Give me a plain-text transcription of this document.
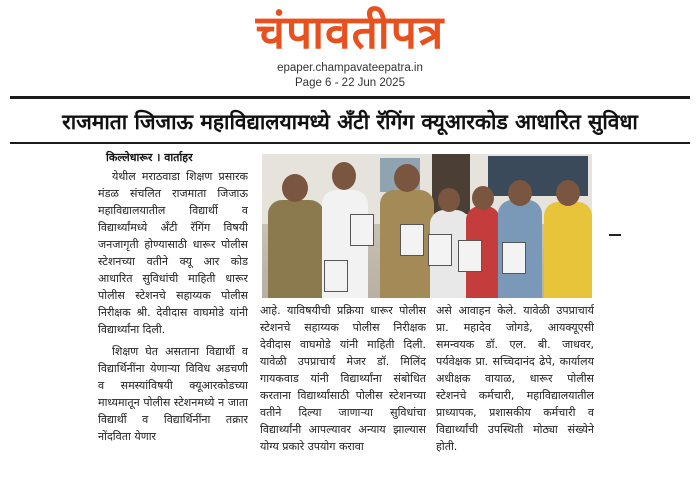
चंपावतीपत्र
epaper.champavateepatra.in
Page 6 - 22 Jun 2025
राजमाता जिजाऊ महाविद्यालयामध्ये अँटी रॅगिंग क्यूआरकोड आधारित सुविधा
किल्लेधारूर । वार्ताहर

येथील मराठवाडा शिक्षण प्रसारक मंडळ संचलित राजमाता जिजाऊ महाविद्यालयातील विद्यार्थी व विद्यार्थ्यांमध्ये अँटी रॅगिंग विषयी जनजागृती होण्यासाठी धारूर पोलीस स्टेशनच्या वतीने क्यू आर कोड आधारित सुविधांची माहिती धारूर पोलीस स्टेशनचे सहाय्यक पोलीस निरीक्षक श्री. देवीदास वाघमोडे यांनी विद्यार्थ्यांना दिली.

शिक्षण घेत असताना विद्यार्थी व विद्यार्थिनींना येणाऱ्या विविध अडचणी व समस्यांविषयी क्यूआरकोडच्या माध्यमातून पोलीस स्टेशनमध्ये न जाता विद्यार्थी व विद्यार्थिनींना तक्रार नोंदविता येणार

आहे. याविषयीची प्रक्रिया धारूर पोलीस स्टेशनचे सहाय्यक पोलीस निरीक्षक देवीदास वाघमोडे यांनी माहिती दिली. यावेळी उपप्राचार्य मेजर डॉ. मिलिंद गायकवाड यांनी विद्यार्थ्यांना संबोधित करताना विद्यार्थ्यांसाठी पोलीस स्टेशनच्या वतीने दिल्या जाणाऱ्या सुविधांचा विद्यार्थ्यांनी आपल्यावर अन्याय झाल्यास योग्य प्रकारे उपयोग करावा

असे आवाहन केले. यावेळी उपप्राचार्य प्रा. महादेव जोगडे, आयक्यूएसी समन्वयक डॉ. एल. बी. जाधवर, पर्यवेक्षक प्रा. सच्चिदानंद ढेपे, कार्यालय अधीक्षक वायाळ, धारूर पोलीस स्टेशनचे कर्मचारी, महाविद्यालयातील प्राध्यापक, प्रशासकीय कर्मचारी व विद्यार्थ्यांची उपस्थिती मोठ्या संख्येने होती.
